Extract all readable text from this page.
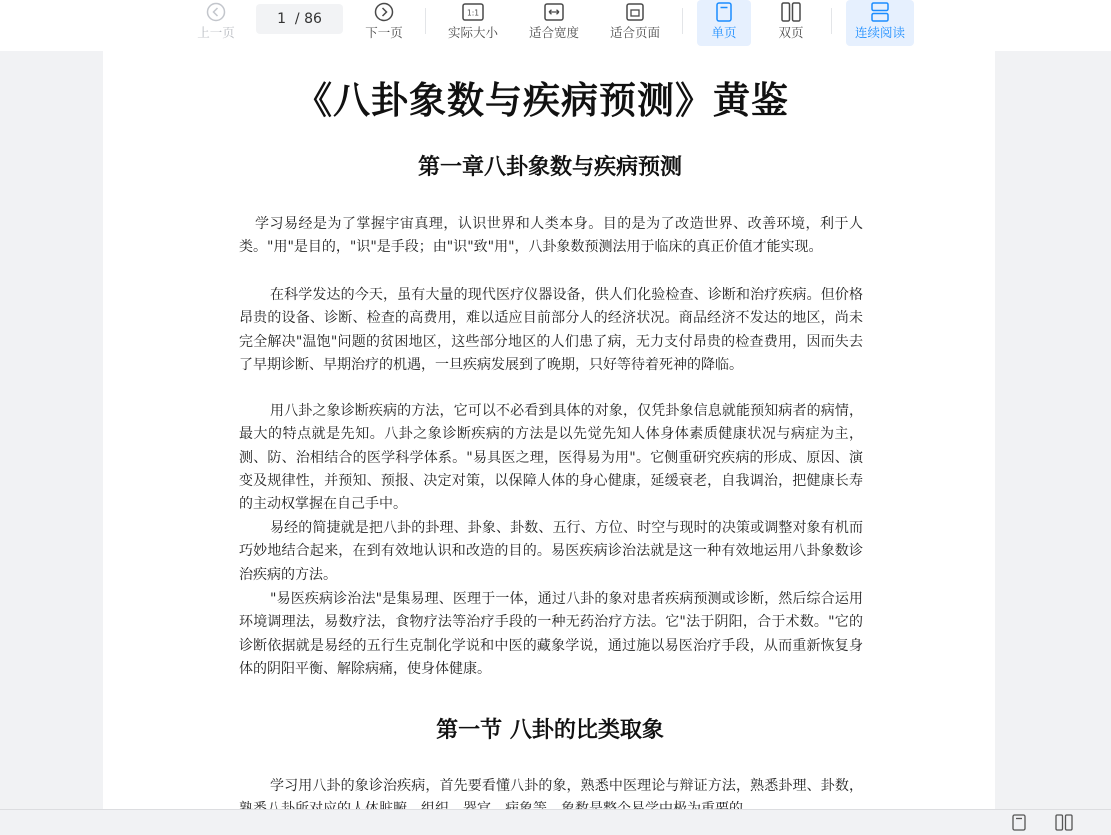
上一页
1 / 86
下一页
1:1
实际大小 适合宽度 适合页面	单页	双页	连续阅读
《八卦象数与疾病预测》黄鉴
第一章八卦象数与疾病预测

学习易经是为了掌握宇宙真理，认识世界和人类本身。目的是为了改造世界、改善环境，利于人类。"用"是目的，"识"是手段；由"识"致"用"，八卦象数预测法用于临床的真正价值才能实现。

在科学发达的今天，虽有大量的现代医疗仪器设备，供人们化验检查、诊断和治疗疾病。但价格昂贵的设备、诊断、检查的高费用，难以适应目前部分人的经济状况。商品经济不发达的地区，尚未完全解决"温饱"问题的贫困地区，这些部分地区的人们患了病，无力支付昂贵的检查费用，因而失去了早期诊断、早期治疗的机遇，一旦疾病发展到了晚期，只好等待着死神的降临。

用八卦之象诊断疾病的方法，它可以不必看到具体的对象，仅凭卦象信息就能预知病者的病情，最大的特点就是先知。八卦之象诊断疾病的方法是以先觉先知人体身体素质健康状况与病症为主，测、防、治相结合的医学科学体系。"易具医之理，医得易为用"。它侧重研究疾病的形成、原因、演变及规律性，并预知、预报、决定对策，以保障人体的身心健康，延缓衰老，自我调治，把健康长寿的主动权掌握在自己手中。

易经的简捷就是把八卦的卦理、卦象、卦数、五行、方位、时空与现时的决策或调整对象有机而巧妙地结合起来，在到有效地认识和改造的目的。易医疾病诊治法就是这一种有效地运用八卦象数诊治疾病的方法。

"易医疾病诊治法"是集易理、医理于一体，通过八卦的象对患者疾病预测或诊断，然后综合运用环境调理法，易数疗法，食物疗法等治疗手段的一种无药治疗方法。它"法于阴阳，合于术数。"它的诊断依据就是易经的五行生克制化学说和中医的藏象学说，通过施以易医治疗手段，从而重新恢复身体的阴阳平衡、解除病痛，使身体健康。

第一节 八卦的比类取象

学习用八卦的象诊治疾病，首先要看懂八卦的象，熟悉中医理论与辩证方法，熟悉卦理、卦数，
